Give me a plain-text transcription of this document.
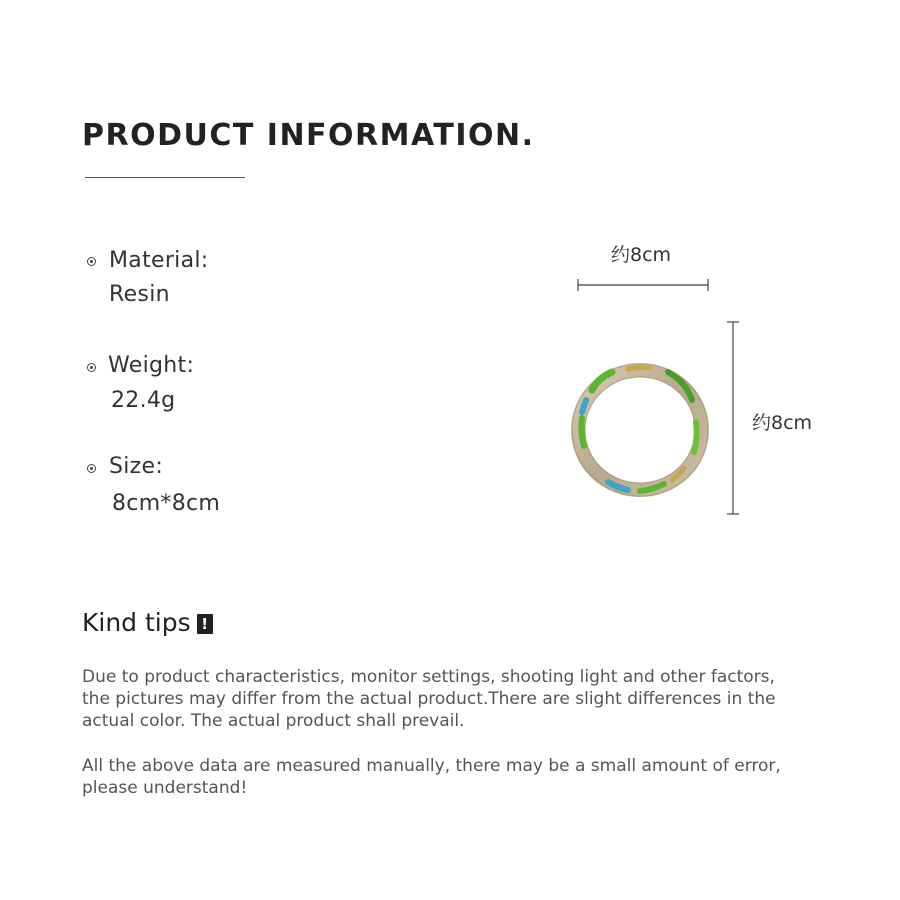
PRODUCT INFORMATION.
Material:
Resin
Weight:
22.4g
Size:
8cm*8cm
约8cm
约8cm
Kind tips !
Due to product characteristics, monitor settings, shooting light and other factors, the pictures may differ from the actual product.There are slight differences in the actual color. The actual product shall prevail.
All the above data are measured manually, there may be a small amount of error, please understand!
